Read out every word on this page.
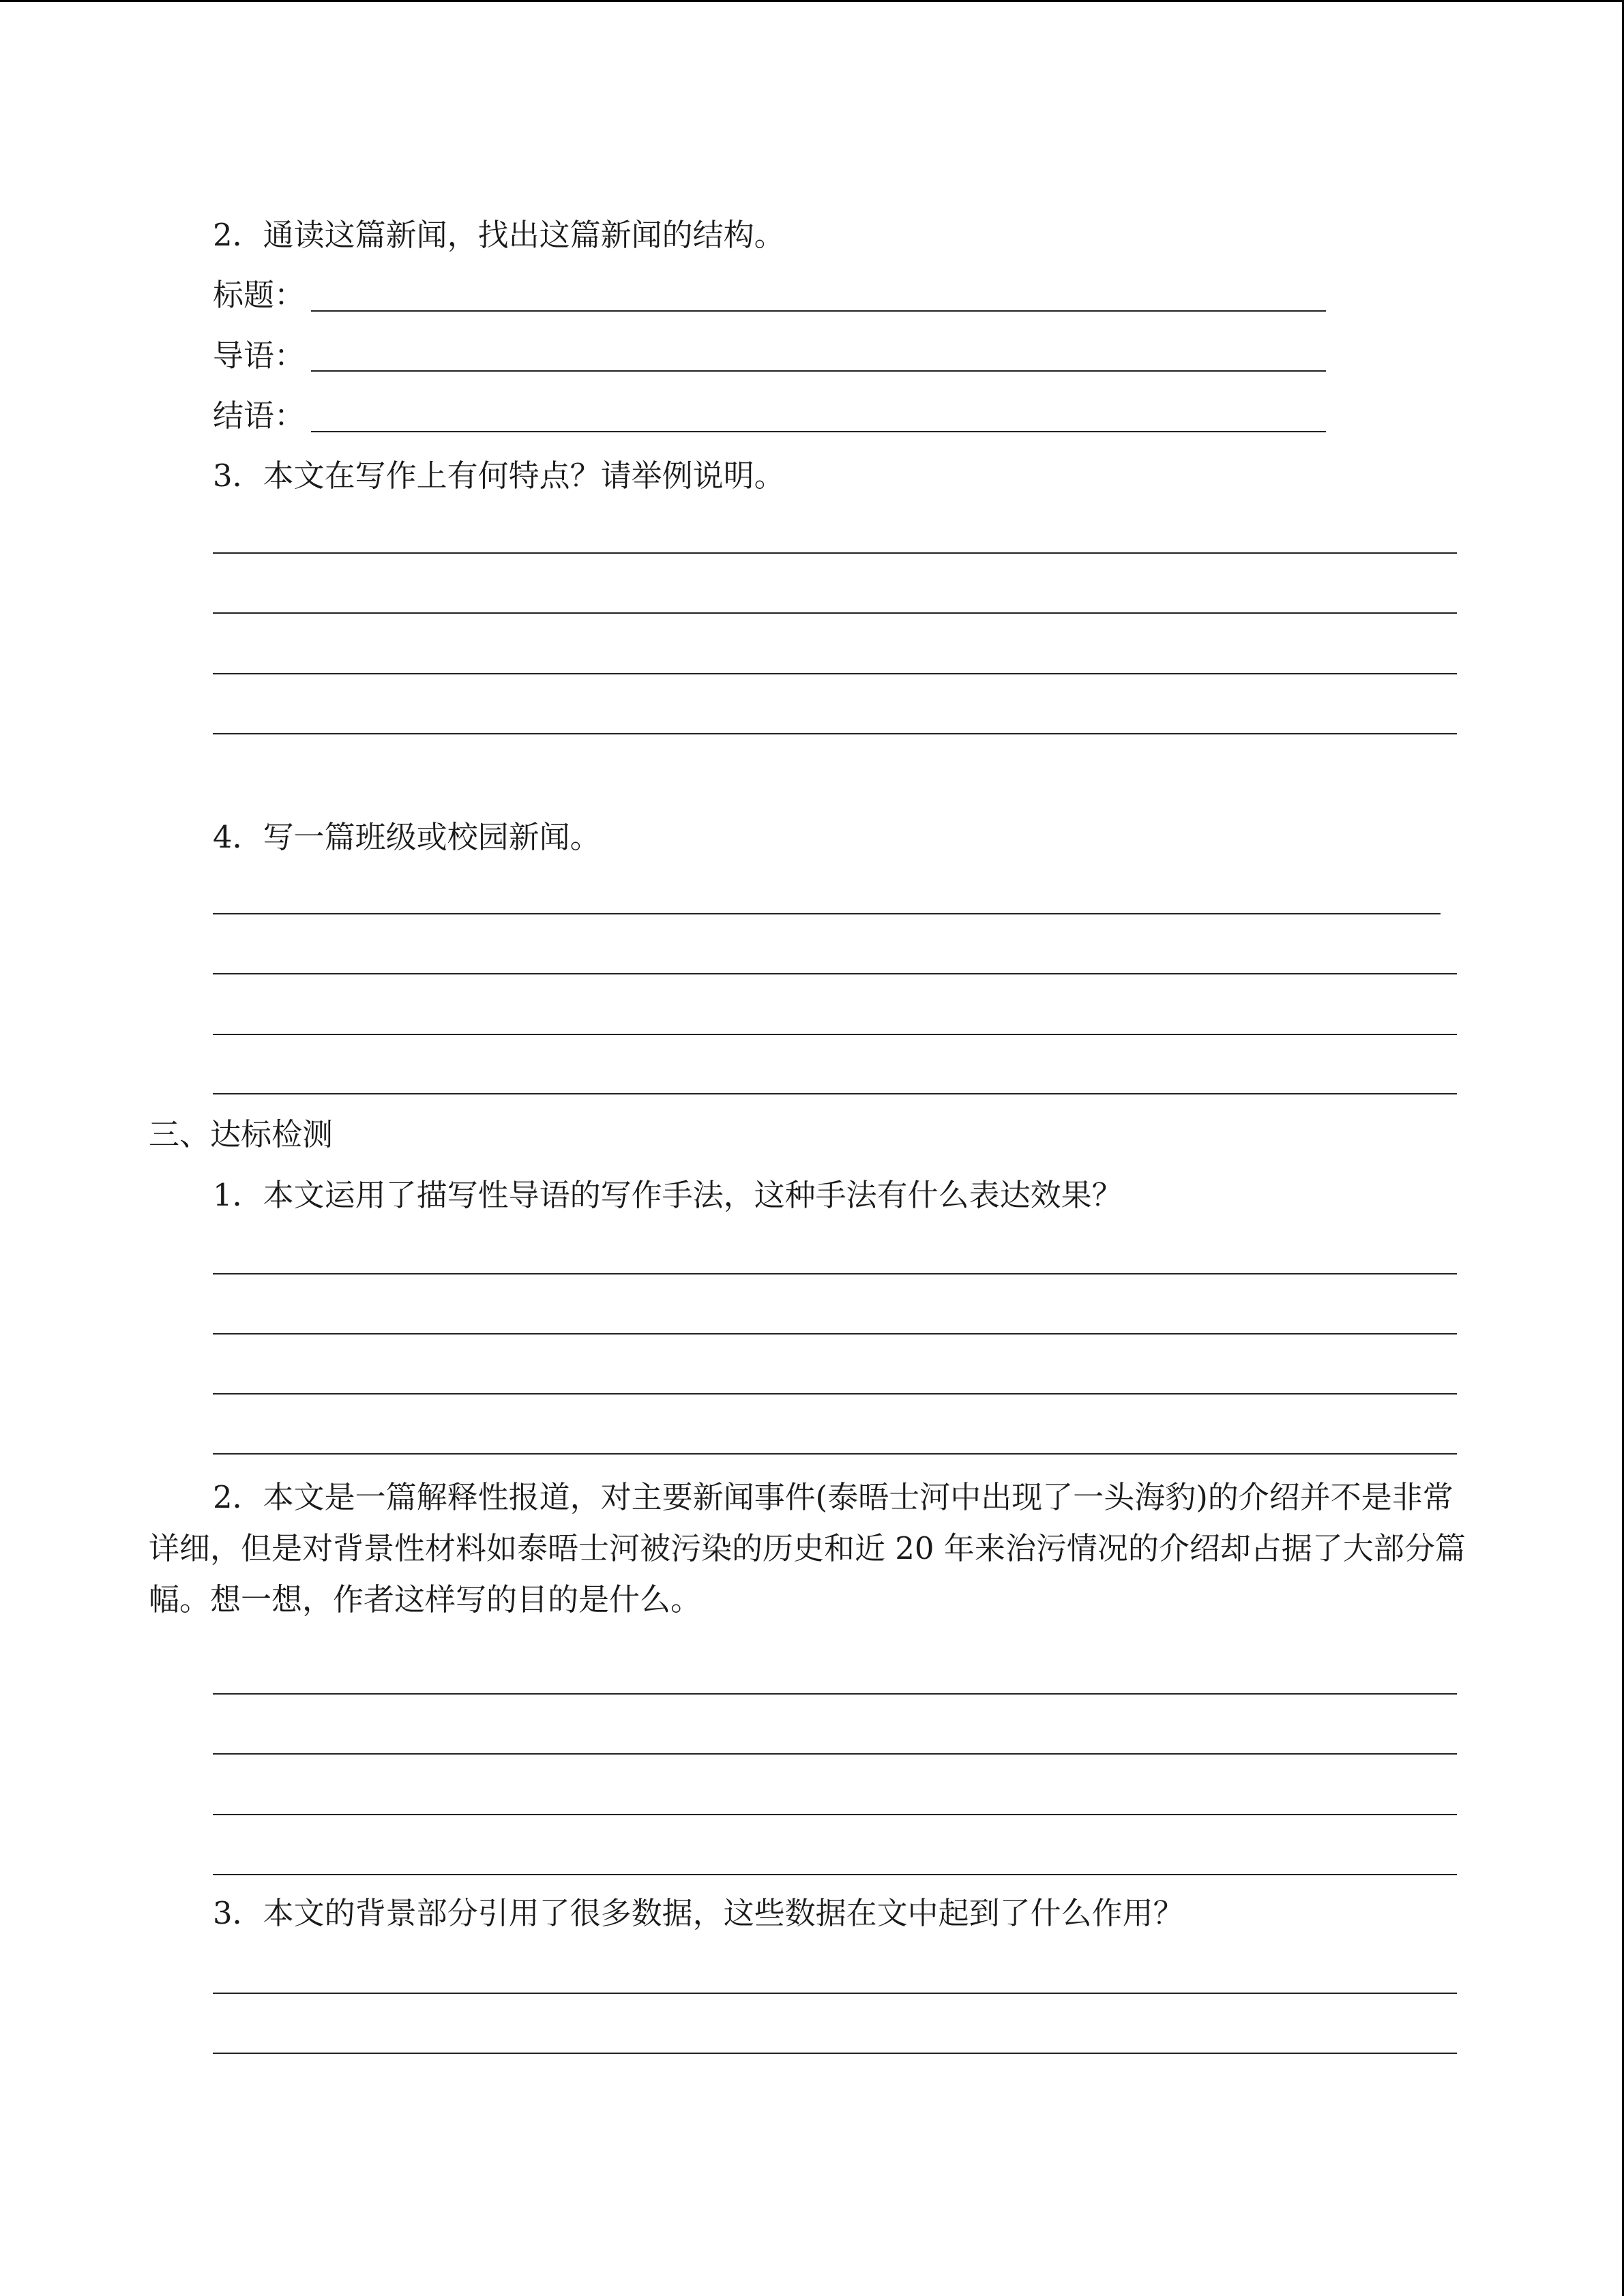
2．通读这篇新闻，找出这篇新闻的结构。
标题：
导语：
结语：
3．本文在写作上有何特点？请举例说明。
4．写一篇班级或校园新闻。
三、达标检测
1．本文运用了描写性导语的写作手法，这种手法有什么表达效果？
2．本文是一篇解释性报道，对主要新闻事件(泰晤士河中出现了一头海豹)的介绍并不是非常详细，但是对背景性材料如泰晤士河被污染的历史和近 20 年来治污情况的介绍却占据了大部分篇幅。想一想，作者这样写的目的是什么。
3．本文的背景部分引用了很多数据，这些数据在文中起到了什么作用？
